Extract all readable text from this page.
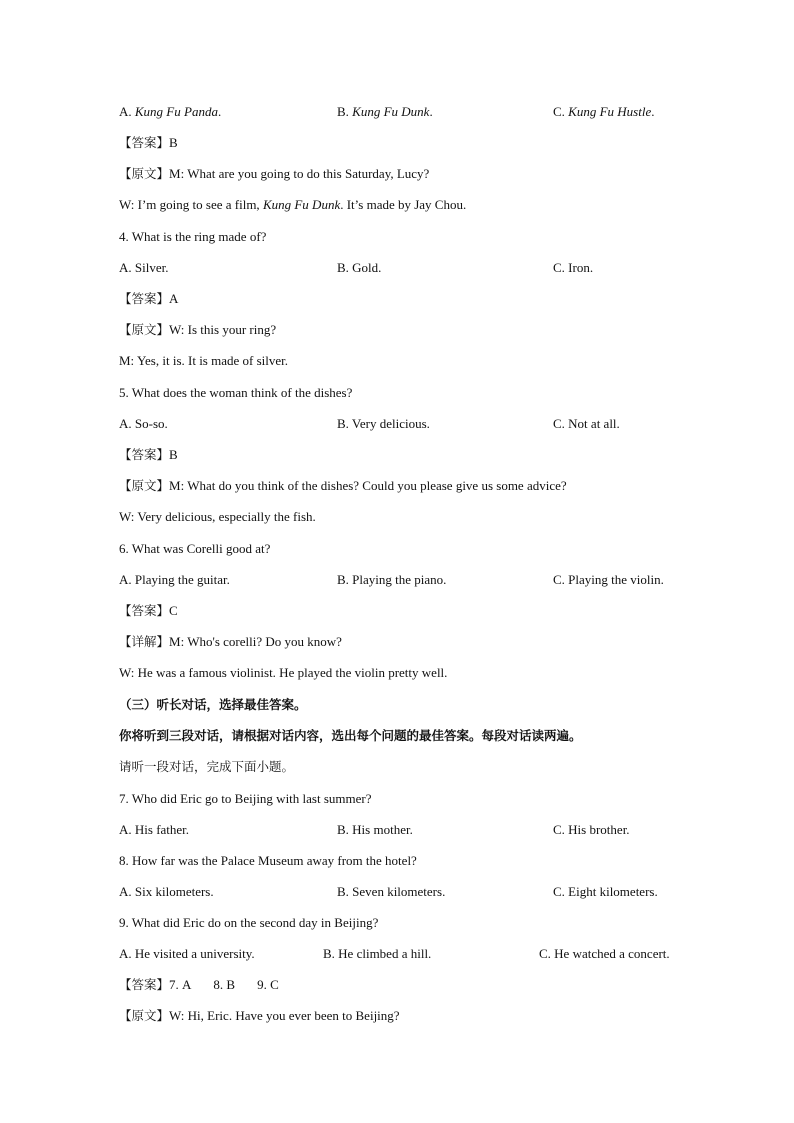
A. Kung Fu Panda.	B. Kung Fu Dunk.	C. Kung Fu Hustle.
【答案】B
【原文】M: What are you going to do this Saturday, Lucy?
W: I’m going to see a film, Kung Fu Dunk. It’s made by Jay Chou.
4. What is the ring made of?
A. Silver.	B. Gold.	C. Iron.
【答案】A
【原文】W: Is this your ring?
M: Yes, it is. It is made of silver.
5. What does the woman think of the dishes?
A. So-so.	B. Very delicious.	C. Not at all.
【答案】B
【原文】M: What do you think of the dishes? Could you please give us some advice?
W: Very delicious, especially the fish.
6. What was Corelli good at?
A. Playing the guitar.	B. Playing the piano.	C. Playing the violin.
【答案】C
【详解】M: Who's corelli? Do you know?
W: He was a famous violinist. He played the violin pretty well.
（三）听长对话，选择最佳答案。
你将听到三段对话，请根据对话内容，选出每个问题的最佳答案。每段对话读两遍。
请听一段对话，完成下面小题。
7. Who did Eric go to Beijing with last summer?
A. His father.	B. His mother.	C. His brother.
8. How far was the Palace Museum away from the hotel?
A. Six kilometers.	B. Seven kilometers.	C. Eight kilometers.
9. What did Eric do on the second day in Beijing?
A. He visited a university.	B. He climbed a hill.	C. He watched a concert.
【答案】7. A 8. B 9. C
【原文】W: Hi, Eric. Have you ever been to Beijing?
